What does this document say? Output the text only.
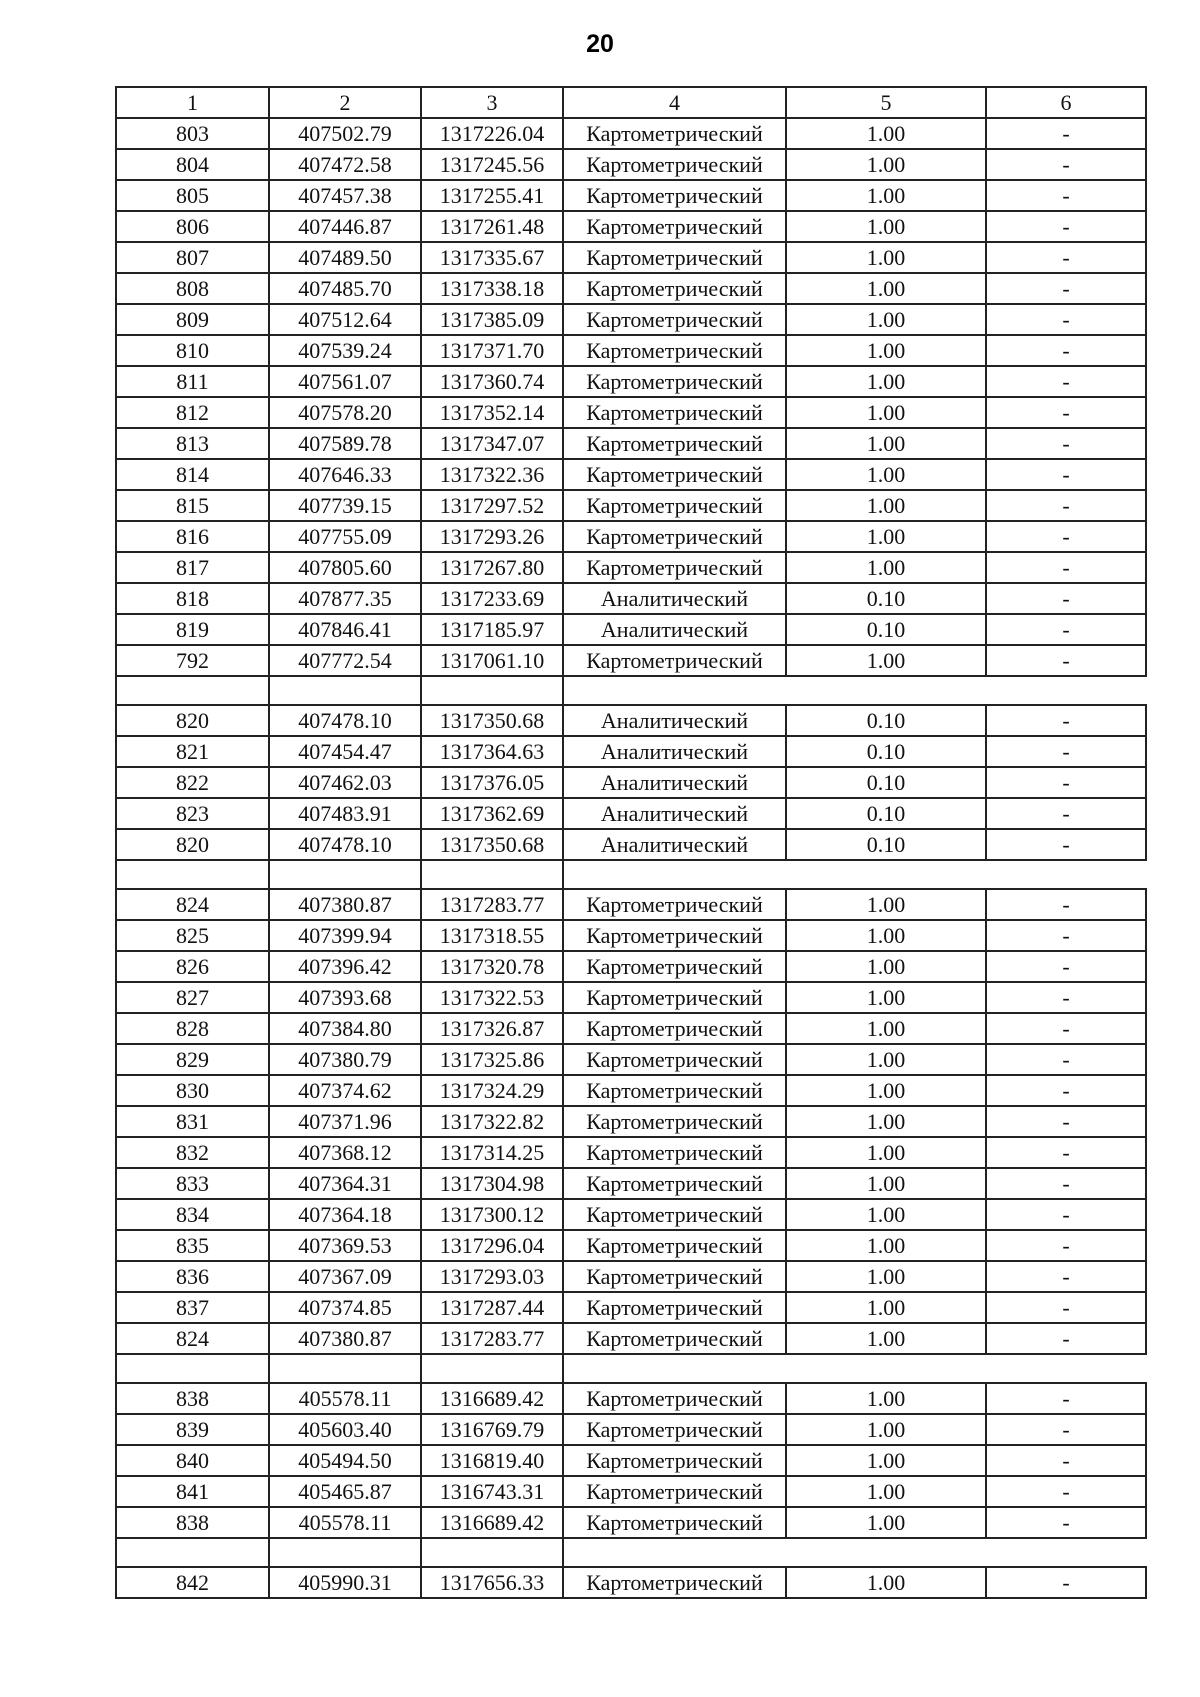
20
1	2	3	4	5	6
803	407502.79	1317226.04	Картометрический	1.00	-
804	407472.58	1317245.56	Картометрический	1.00	-
805	407457.38	1317255.41	Картометрический	1.00	-
806	407446.87	1317261.48	Картометрический	1.00	-
807	407489.50	1317335.67	Картометрический	1.00	-
808	407485.70	1317338.18	Картометрический	1.00	-
809	407512.64	1317385.09	Картометрический	1.00	-
810	407539.24	1317371.70	Картометрический	1.00	-
811	407561.07	1317360.74	Картометрический	1.00	-
812	407578.20	1317352.14	Картометрический	1.00	-
813	407589.78	1317347.07	Картометрический	1.00	-
814	407646.33	1317322.36	Картометрический	1.00	-
815	407739.15	1317297.52	Картометрический	1.00	-
816	407755.09	1317293.26	Картометрический	1.00	-
817	407805.60	1317267.80	Картометрический	1.00	-
818	407877.35	1317233.69	Аналитический	0.10	-
819	407846.41	1317185.97	Аналитический	0.10	-
792	407772.54	1317061.10	Картометрический	1.00	-

820	407478.10	1317350.68	Аналитический	0.10	-
821	407454.47	1317364.63	Аналитический	0.10	-
822	407462.03	1317376.05	Аналитический	0.10	-
823	407483.91	1317362.69	Аналитический	0.10	-
820	407478.10	1317350.68	Аналитический	0.10	-

824	407380.87	1317283.77	Картометрический	1.00	-
825	407399.94	1317318.55	Картометрический	1.00	-
826	407396.42	1317320.78	Картометрический	1.00	-
827	407393.68	1317322.53	Картометрический	1.00	-
828	407384.80	1317326.87	Картометрический	1.00	-
829	407380.79	1317325.86	Картометрический	1.00	-
830	407374.62	1317324.29	Картометрический	1.00	-
831	407371.96	1317322.82	Картометрический	1.00	-
832	407368.12	1317314.25	Картометрический	1.00	-
833	407364.31	1317304.98	Картометрический	1.00	-
834	407364.18	1317300.12	Картометрический	1.00	-
835	407369.53	1317296.04	Картометрический	1.00	-
836	407367.09	1317293.03	Картометрический	1.00	-
837	407374.85	1317287.44	Картометрический	1.00	-
824	407380.87	1317283.77	Картометрический	1.00	-

838	405578.11	1316689.42	Картометрический	1.00	-
839	405603.40	1316769.79	Картометрический	1.00	-
840	405494.50	1316819.40	Картометрический	1.00	-
841	405465.87	1316743.31	Картометрический	1.00	-
838	405578.11	1316689.42	Картометрический	1.00	-

842	405990.31	1317656.33	Картометрический	1.00	-
